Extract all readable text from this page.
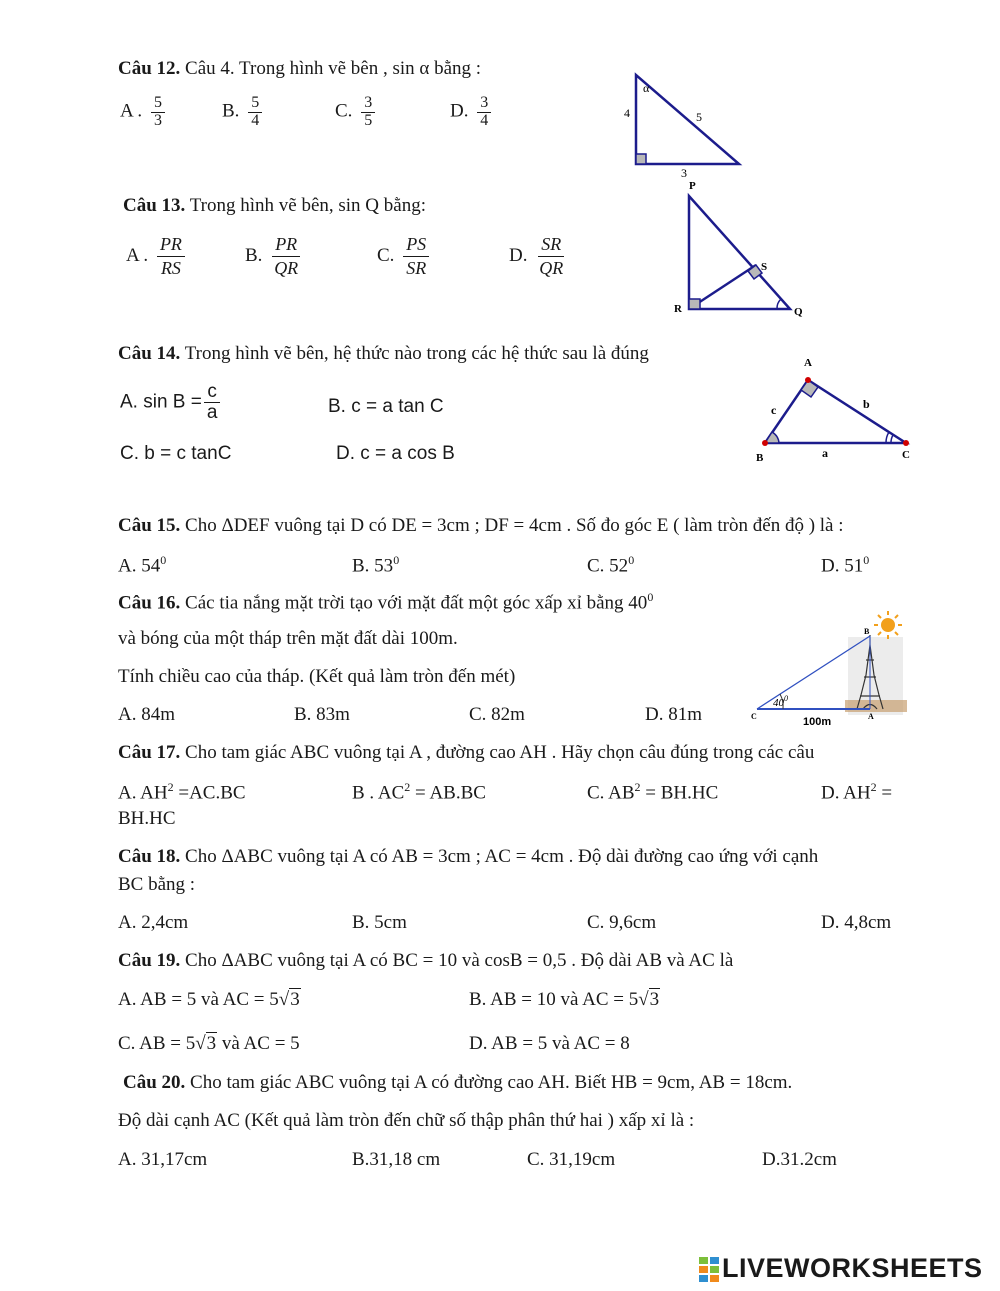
Câu 12. Câu 4. Trong hình vẽ bên , sin α bằng :
A . $\frac{5}{3}$	B. $\frac{5}{4}$	C. $\frac{3}{5}$	D. $\frac{3}{4}$
α
4	5
3
Câu 13. Trong hình vẽ bên, sin Q bằng:
A . $\frac{PR}{RS}$	B. $\frac{PR}{QR}$	C. $\frac{PS}{SR}$	D. $\frac{SR}{QR}$
P
S
R	Q
Câu 14. Trong hình vẽ bên, hệ thức nào trong các hệ thức sau là đúng
A. $\sin B = \frac{c}{a}$	B. c = a tan C
C. b = c tanC	D. c = a cos B
A
B	C
a
b
c
Câu 15. Cho ΔDEF vuông tại D có DE = 3cm ; DF = 4cm . Số đo góc E ( làm tròn đến độ ) là :
A. $54^0$	B. $53^0$	C. $52^0$	D. $51^0$
Câu 16. Các tia nắng mặt trời tạo với mặt đất một góc xấp xỉ bằng $40^0$
và bóng của một tháp trên mặt đất dài 100m.
Tính chiều cao của tháp. (Kết quả làm tròn đến mét)
A. 84m	B. 83m	C. 82m	D. 81m
$40^0$
100m
B
C	A
Câu 17. Cho tam giác ABC vuông tại A , đường cao AH . Hãy chọn câu đúng trong các câu
A. $AH^2 =AC.BC$	B . $AC^2 = AB.BC$	C. $AB^2 = BH.HC$	D. $AH^2$ =
BH.HC
Câu 18. Cho ΔABC vuông tại A có AB = 3cm ; AC = 4cm . Độ dài đường cao ứng với cạnh
BC bằng :
A. 2,4cm	B. 5cm	C. 9,6cm	D. 4,8cm
Câu 19. Cho ΔABC vuông tại A có BC = 10 và cosB = 0,5 . Độ dài AB và AC là
A. AB = 5 và AC = 5√3	B. AB = 10 và AC = 5√3
C. AB = 5√3 và AC = 5	D. AB = 5 và AC = 8
Câu 20. Cho tam giác ABC vuông tại A có đường cao AH. Biết HB = 9cm, AB = 18cm.
Độ dài cạnh AC (Kết quả làm tròn đến chữ số thập phân thứ hai ) xấp xỉ là :
A. 31,17cm	B.31,18 cm	C. 31,19cm	D.31.2cm
LIVEWORKSHEETS
